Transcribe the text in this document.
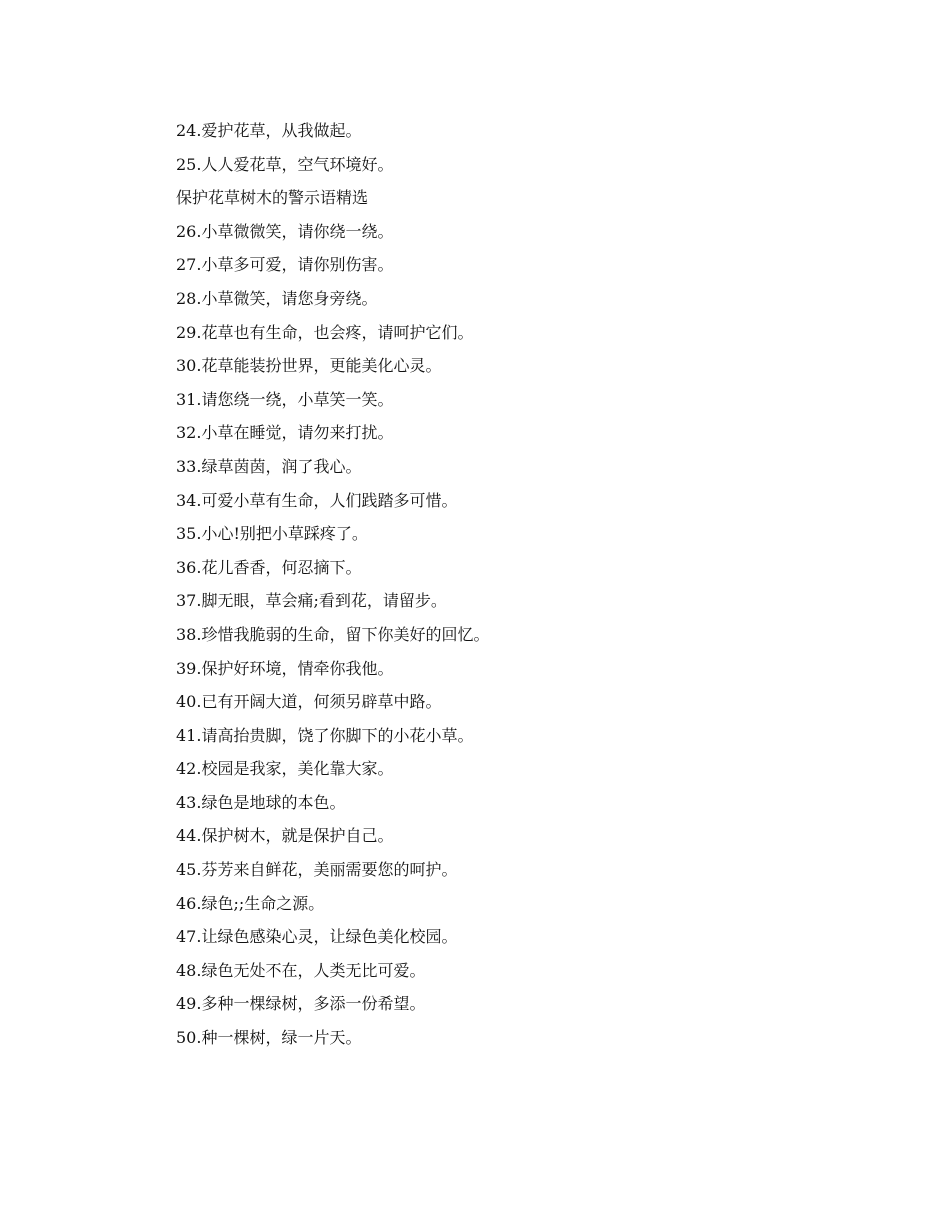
24.爱护花草，从我做起。
25.人人爱花草，空气环境好。
保护花草树木的警示语精选
26.小草微微笑，请你绕一绕。
27.小草多可爱，请你别伤害。
28.小草微笑，请您身旁绕。
29.花草也有生命，也会疼，请呵护它们。
30.花草能装扮世界，更能美化心灵。
31.请您绕一绕，小草笑一笑。
32.小草在睡觉，请勿来打扰。
33.绿草茵茵，润了我心。
34.可爱小草有生命，人们践踏多可惜。
35.小心!别把小草踩疼了。
36.花儿香香，何忍摘下。
37.脚无眼，草会痛;看到花，请留步。
38.珍惜我脆弱的生命，留下你美好的回忆。
39.保护好环境，情牵你我他。
40.已有开阔大道，何须另辟草中路。
41.请高抬贵脚，饶了你脚下的小花小草。
42.校园是我家，美化靠大家。
43.绿色是地球的本色。
44.保护树木，就是保护自己。
45.芬芳来自鲜花，美丽需要您的呵护。
46.绿色;;生命之源。
47.让绿色感染心灵，让绿色美化校园。
48.绿色无处不在，人类无比可爱。
49.多种一棵绿树，多添一份希望。
50.种一棵树，绿一片天。
